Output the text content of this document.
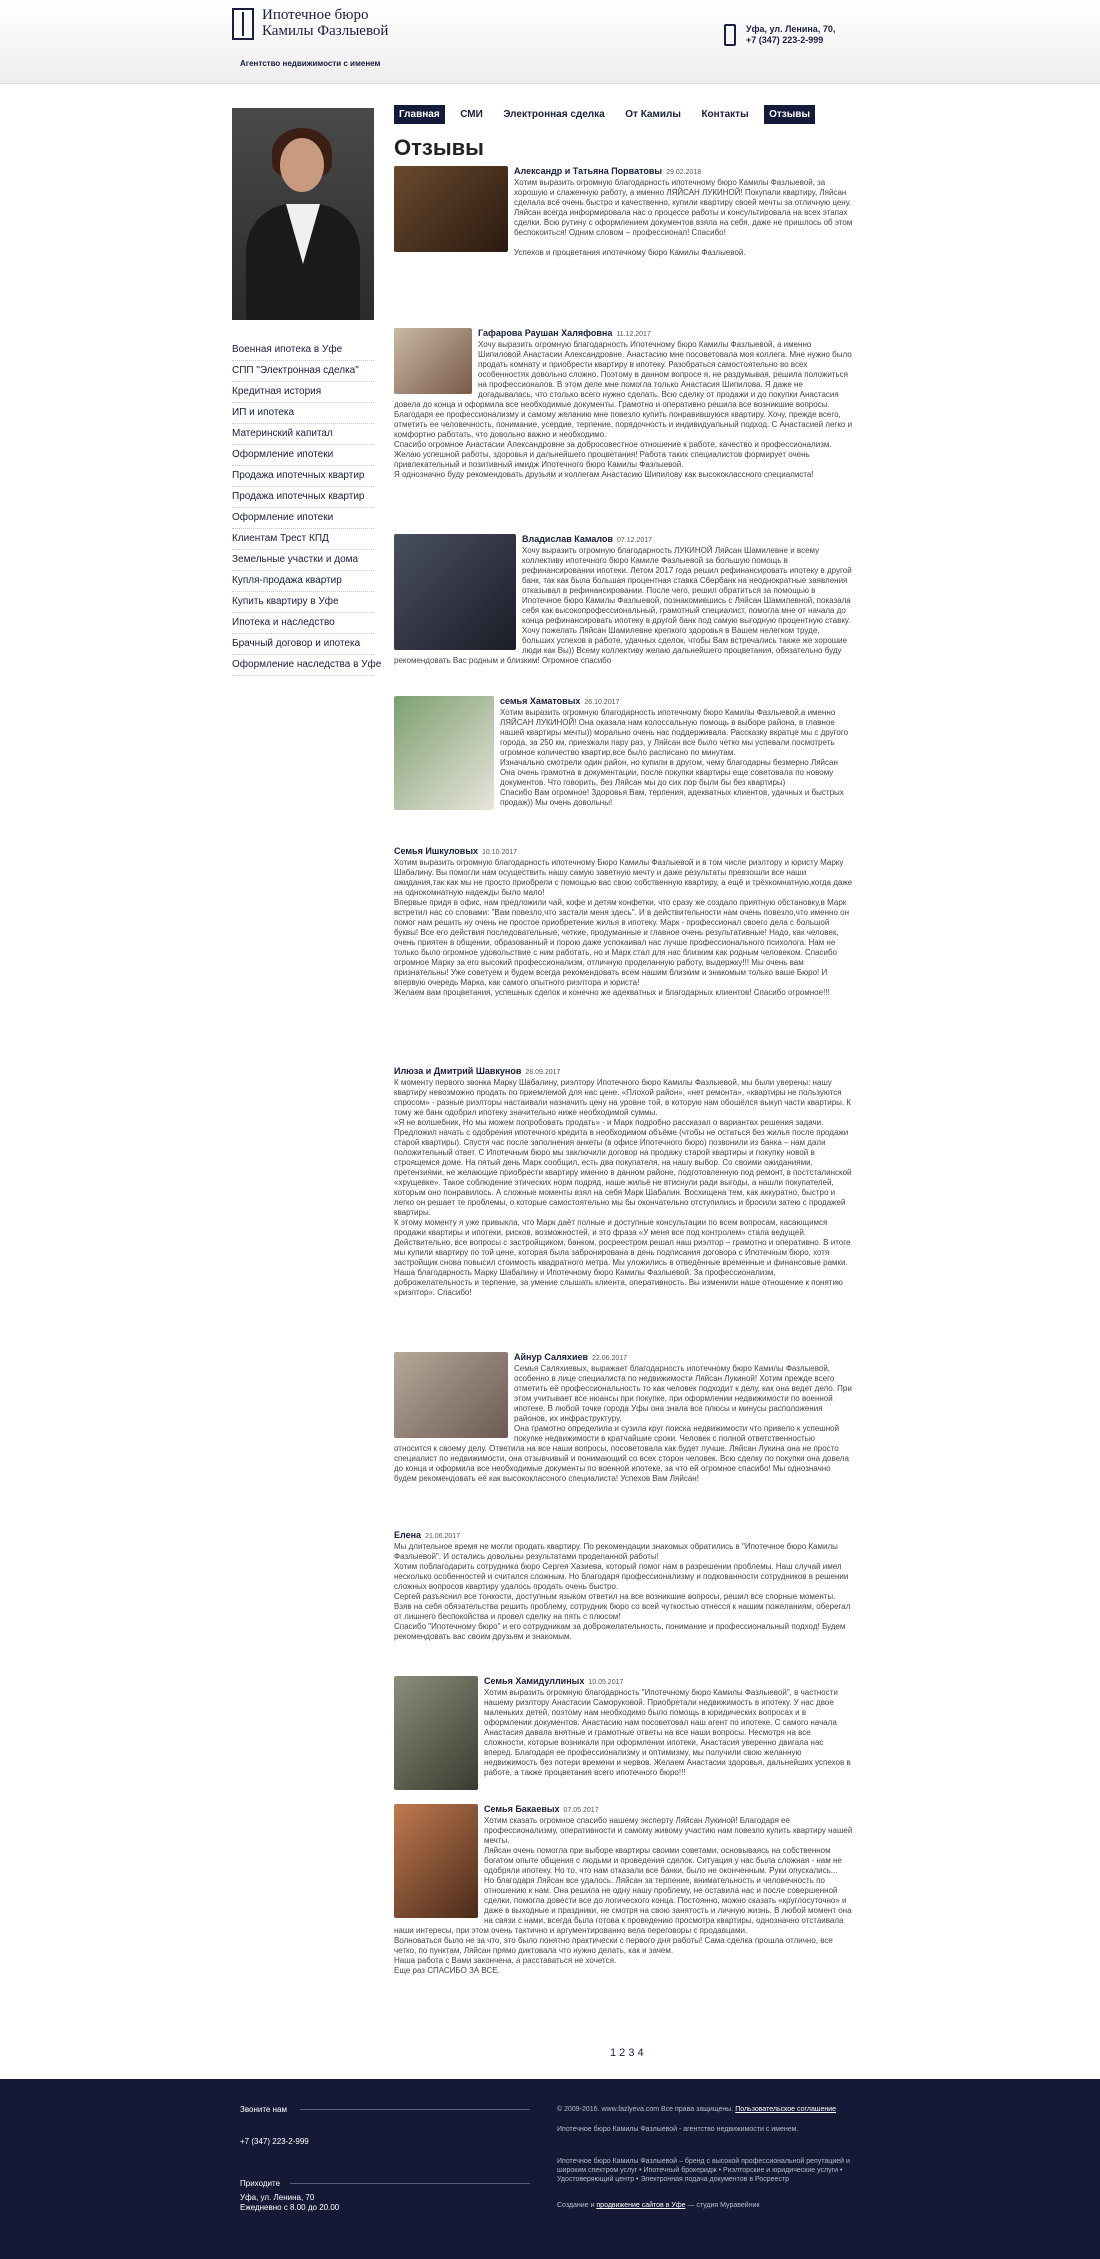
Ипотечное бюро
Камилы Фазлыевой
Агентство недвижимости с именем
Уфа, ул. Ленина, 70,
+7 (347) 223-2-999
Военная ипотека в Уфе
СПП "Электронная сделка"
Кредитная история
ИП и ипотека
Материнский капитал
Оформление ипотеки
Продажа ипотечных квартир
Продажа ипотечных квартир
Оформление ипотеки
Клиентам Трест КПД
Земельные участки и дома
Купля-продажа квартир
Купить квартиру в Уфе
Ипотека и наследство
Брачный договор и ипотека
Оформление наследства в Уфе
Главная СМИ Электронная сделка От Камилы Контакты Отзывы
Отзывы
Александр и Татьяна Порватовы 29.02.2018
Хотим выразить огромную благодарность ипотечному бюро Камилы Фазлыевой, за хорошую и слаженную работу, а именно ЛЯЙСАН ЛУКИНОЙ! Покупали квартиру, Ляйсан сделала всё очень быстро и качественно, купили квартиру своей мечты за отличную цену. Ляйсан всегда информировала нас о процессе работы и консультировала на всех этапах сделки. Всю рутину с оформлением документов взяла на себя, даже не пришлось об этом беспокоиться! Одним словом – профессионал! Спасибо!

Успехов и процветания ипотечному бюро Камилы Фазлыевой.
Гафарова Раушан Халяфовна 11.12.2017
Хочу выразить огромную благодарность Ипотечному бюро Камилы Фазлыевой, а именно Шипиловой Анастасии Александровне. Анастасию мне посоветовала моя коллега. Мне нужно было продать комнату и приобрести квартиру в ипотеку. Разобраться самостоятельно во всех особенностях довольно сложно. Поэтому в данном вопросе я, не раздумывая, решила положиться на профессионалов. В этом деле мне помогла только Анастасия Шипилова. Я даже не догадывалась, что столько всего нужно сделать. Всю сделку от продажи и до покупки Анастасия довела до конца и оформила все необходимые документы. Грамотно и оперативно решила все возникшие вопросы. Благодаря ее профессионализму и самому желанию мне повезло купить понравившуюся квартиру. Хочу, прежде всего, отметить ее человечность, понимание, усердие, терпение, порядочность и индивидуальный подход. С Анастасией легко и комфортно работать, что довольно важно и необходимо.
Спасибо огромное Анастасии Александровне за добросовестное отношение к работе, качество и профессионализм. Желаю успешной работы, здоровья и дальнейшего процветания! Работа таких специалистов формирует очень привлекательный и позитивный имидж Ипотечного бюро Камилы Фазлыевой.
Я однозначно буду рекомендовать друзьям и коллегам Анастасию Шипилову как высококлассного специалиста!
Владислав Камалов 07.12.2017
Хочу выразить огромную благодарность ЛУКИНОЙ Ляйсан Шамилевне и всему коллективу ипотечного бюро Камиле Фазлыевой за большую помощь в рефинансировании ипотеки. Летом 2017 года решил рефинансировать ипотеку в другой банк, так как была большая процентная ставка Сбербанк на неоднократные заявления отказывал в рефинансировании. После чего, решил обратиться за помощью в Ипотечное бюро Камилы Фазлыевой, познакомившись с Ляйсан Шамилевной, показала себя как высокопрофессиональный, грамотный специалист, помогла мне от начала до конца рефинансировать ипотеку в другой банк под самую выгодную процентную ставку. Хочу пожелать Ляйсан Шамилевне крепкого здоровья в Вашем нелегком труде, больших успехов в работе, удачных сделок, чтобы Вам встречались также же хорошие люди как Вы)) Всему коллективу желаю дальнейшего процветания, обязательно буду рекомендовать Вас родным и близким! Огромное спасибо
семья Хаматовых 26.10.2017
Хотим выразить огромную благодарность ипотечному бюро Камилы Фазлыевой,а именно ЛЯЙСАН ЛУКИНОЙ! Она оказала нам колоссальную помощь в выборе района, в главное нашей квартиры мечты)) морально очень нас поддерживала. Рассказку вкратце мы с другого города, за 250 км, приезжали пару раз, у Ляйсан все было четко мы успевали посмотреть огромное количество квартир,все было расписано по минутам.
Изначально смотрели один район, но купили в другом, чему благодарны безмерно Ляйсан Она очень грамотна в документации, после покупки квартиры еще советовала по новому документов. Что говорить, без Ляйсан мы до сих пор были бы без квартиры)
Спасибо Вам огромное! Здоровья Вам, терпения, адекватных клиентов, удачных и быстрых продаж)) Мы очень довольны!
Семья Ишкуловых 10.10.2017
Хотим выразить огромную благодарность ипотечному Бюро Камилы Фазлыевой и в том числе риэлтору и юристу Марку Шабалину. Вы помогли нам осуществить нашу самую заветную мечту и даже результаты превзошли все наши ожидания,так как мы не просто приобрели с помощью вас свою собственную квартиру, а ещё и трёхкомнатную,когда даже на однокомнатную надежды было мало!
Впервые придя в офис, нам предложили чай, кофе и детям конфетки, что сразу же создало приятную обстановку,в Марк встретил нас со словами: "Вам повезло,что застали меня здесь". И в действительности нам очень повезло,что именно он помог нам решить ну очень не простое приобретение жилья в ипотеку. Марк - профессионал своего дела с большой буквы! Все его действия последовательные, четкие, продуманные и главное очень результативные! Надо, как человек, очень приятен в общении, образованный и порою даже успокаивал нас лучше профессионального психолога. Нам не только было огромное удовольствие с ним работать, но и Марк стал для нас близким как родным человеком. Спасибо огромное Марку за его высокий профессионализм, отличную проделанную работу, выдержку!!! Мы очень вам признательны! Уже советуем и будем всегда рекомендовать всем нашим близким и знакомым только ваше Бюро! И впервую очередь Марка, как самого опытного риэлтора и юриста!
Желаем вам процветания, успешных сделок и конечно же адекватных и благодарных клиентов! Спасибо огромное!!!
Илюза и Дмитрий Шавкунов 28.09.2017
К моменту первого звонка Марку Шабалину, риэлтору Ипотечного бюро Камилы Фазлыевой, мы были уверены: нашу квартиру невозможно продать по приемлемой для нас цене. «Плохой район», «нет ремонта», «квартиры не пользуются спросом» - разные риэлторы настаивали назначить цену на уровне той, в которую нам обошёлся выкуп части квартиры. К тому же банк одобрил ипотеку значительно ниже необходимой суммы.
«Я не волшебник, Но мы можем попробовать продать» - и Марк подробно рассказал о вариантах решения задачи. Предложил начать с одобрения ипотечного кредита в необходимом объёме (чтобы не остаться без жилья после продажи старой квартиры). Спустя час после заполнения анкеты (в офисе Ипотечного бюро) позвонили из банка – нам дали положительный ответ. С Ипотечным бюро мы заключили договор на продажу старой квартиры и покупку новой в строящемся доме. На пятый день Марк сообщил, есть два покупателя, на нашу выбор. Со своими ожиданиями, претензиями, не желающие приобрести квартиру именно в данном районе, подготовленную под ремонт, в постсталинской «хрущевке». Такое соблюдение этических норм подряд, наше жильё не втиснули ради выгоды, а нашли покупателей, которым оно понравилось. А сложные моменты взял на себя Марк Шабалин. Восхищена тем, как аккуратно, быстро и легко он решает те проблемы, о которые самостоятельно мы бы окончательно отступились и бросили затею с продажей квартиры.
К этому моменту я уже привыкла, что Марк даёт полные и доступные консультации по всем вопросам, касающимся продажи квартиры и ипотеки, рисков, возможностей, и это фраза «У меня все под контролем» стала ведущей. Действительно, все вопросы с застройщиком, банком, росреестром решал наш риэлтор – грамотно и оперативно. В итоге мы купили квартиру по той цене, которая была забронирована в день подписания договора с Ипотечным бюро, хотя застройщик снова повысил стоимость квадратного метра. Мы уложились в отведённые временные и финансовые рамки.
Наша благодарность Марку Шабалину и Ипотечному бюро Камилы Фазлыевой. За профессионализм, доброжелательность и терпение, за умение слышать клиента, оперативность. Вы изменили наше отношение к понятию «риэлтор». Спасибо!
Айнур Саляхиев 22.06.2017
Семья Саляхиевых, выражает благодарность ипотечному бюро Камилы Фазлыевой, особенно в лице специалиста по недвижимости Ляйсан Лукиной! Хотим прежде всего отметить её профессиональность то как человек подходит к делу, как она ведет дело. При этом учитывает все нюансы при покупке, при оформлении недвижимости по военной ипотеке. В любой точке города Уфы она знала все плюсы и минусы расположения районов, их инфраструктуру.
Она грамотно определила и сузила круг поиска недвижимости что привело к успешной покупке недвижимости в кратчайшие сроки. Человек с полной ответственностью относится к своему делу. Ответила на все наши вопросы, посоветовала как будет лучше. Ляйсан Лукина она не просто специалист по недвижимости, она отзывчивый и понимающий со всех сторон человек. Всю сделку по покупки она довела до конца и оформила все необходимые документы по военной ипотеке, за что ей огромное спасибо! Мы однозначно будем рекомендовать её как высококлассного специалиста! Успехов Вам Ляйсан!
Елена 21.06.2017
Мы длительное время не могли продать квартиру. По рекомендации знакомых обратились в "Ипотечное бюро Камилы Фазлыевой". И остались довольны результатами проделанной работы!
Хотим поблагодарить сотрудника бюро Сергея Хазиева, который помог нам в разрешении проблемы. Наш случай имел несколько особенностей и считался сложным. Но благодаря профессионализму и подкованности сотрудников в решении сложных вопросов квартиру удалось продать очень быстро.
Сергей разъяснил все тонкости, доступным языком ответил на все возникшие вопросы, решил все спорные моменты. Взяв на себя обязательства решить проблему, сотрудник бюро со всей чуткостью отнесся к нашим пожеланиям, оберегал от лишнего беспокойства и провел сделку на пять с плюсом!
Спасибо "Ипотечному бюро" и его сотрудникам за доброжелательность, понимание и профессиональный подход! Будем рекомендовать вас своим друзьям и знакомым.
Семья Хамидуллиных 10.05.2017
Хотим выразить огромную благодарность "Ипотечному бюро Камилы Фазлыевой", в частности нашему риэлтору Анастасии Саморуковой. Приобретали недвижимость в ипотеку. У нас двое маленьких детей, поэтому нам необходимо было помощь в юридических вопросах и в оформлении документов. Анастасию нам посоветовал наш агент по ипотеке. С самого начала Анастасия давала внятные и грамотные ответы на все наши вопросы. Несмотря на все сложности, которые возникали при оформлении ипотеки, Анастасия уверенно двигала нас вперед. Благодаря ее профессионализму и оптимизму, мы получили свою желанную недвижимость без потери времени и нервов. Желаем Анастасии здоровья, дальнейших успехов в работе, а также процветания всего ипотечного бюро!!!
Семья Бакаевых 07.05.2017
Хотим сказать огромное спасибо нашему эксперту Ляйсан Лукиной! Благодаря ее профессионализму, оперативности и самому живому участию нам повезло купить квартиру нашей мечты.
Ляйсан очень помогла при выборе квартиры своими советами, основываясь на собственном богатом опыте общения с людьми и проведения сделок. Ситуация у нас была сложная - нам не одобряли ипотеку. Но то, что нам отказали все банки, было не оконченным. Руки опускались...
Но благодаря Ляйсан все удалось. Ляйсан за терпение, внимательность и человечность по отношению к нам. Она решила не одну нашу проблему, не оставила нас и после совершенной сделки, помогла довести все до логического конца. Постоянно, можно сказать «круглосуточно» и даже в выходные и праздники, не смотря на свою занятость и личную жизнь. В любой момент она на связи с нами, всегда была готова к проведению просмотра квартиры, однозначно отстаивала наши интересы, при этом очень тактично и аргументированно вела переговоры с продавцами.
Волноваться было не за что, это было понятно практически с первого дня работы! Сама сделка прошла отлично, все четко, по пунктам, Ляйсан прямо диктовала что нужно делать, как и зачем.
Наша работа с Вами закончена, а расставаться не хочется.
Еще раз СПАСИБО ЗА ВСЕ.
1 2 3 4
Звоните нам
+7 (347) 223-2-999
Приходите
Уфа, ул. Ленина, 70
Ежедневно с 8.00 до 20.00
© 2009-2016. www.fazlyeva.com Все права защищены. Пользовательское соглашение
Ипотечное бюро Камилы Фазлыевой - агентство недвижимости с именем.
Ипотечное бюро Камилы Фазлыевой – бренд с высокой профессиональной репутацией и широким спектром услуг • Ипотечный брокеридж • Риэлторские и юридические услуги • Удостоверяющий центр • Электронная подача документов в Росреестр
Создание и продвижение сайтов в Уфе — студия Муравейник
